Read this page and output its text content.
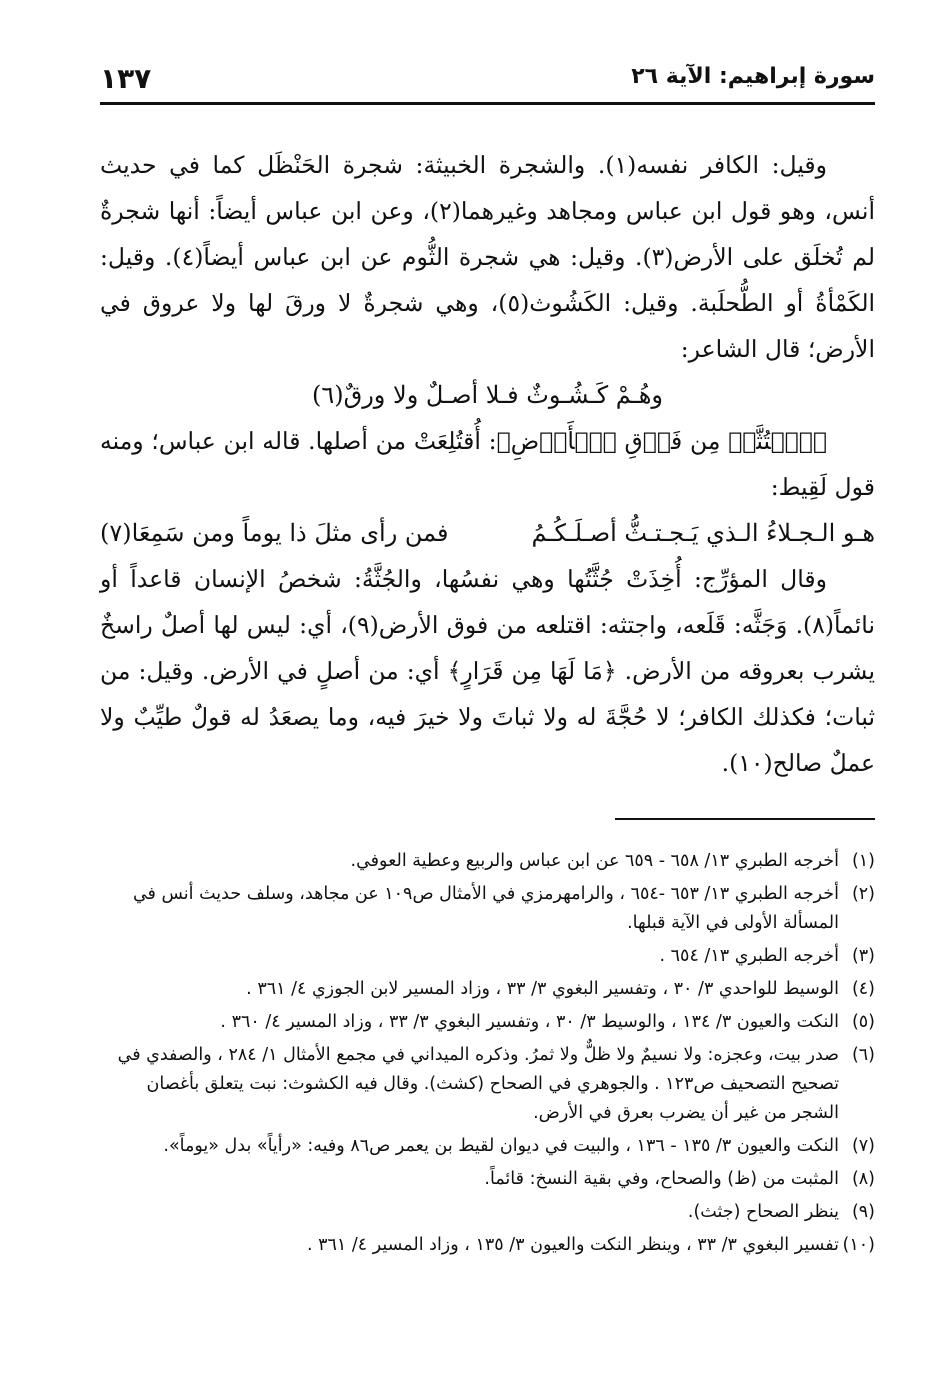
سورة إبراهيم: الآية ٢٦
١٣٧

وقيل: الكافر نفسه(١). والشجرة الخبيثة: شجرة الحَنْظَل كما في حديث أنس، وهو قول ابن عباس ومجاهد وغيرهما(٢)، وعن ابن عباس أيضاً: أنها شجرةٌ لم تُخلَق على الأرض(٣). وقيل: هي شجرة الثُّوم عن ابن عباس أيضاً(٤). وقيل: الكَمْأةُ أو الطُّحلَبة. وقيل: الكَشُوث(٥)، وهي شجرةٌ لا ورقَ لها ولا عروق في الأرض؛ قال الشاعر:

وهُـمْ كَـشُـوثٌ فـلا أصـلٌ ولا ورقٌ(٦)

﴿ٱجۡتُثَّتۡ مِن فَوۡقِ ٱلۡأَرۡضِ﴾: أُقتُلِعَتْ من أصلها. قاله ابن عباس؛ ومنه قول لَقِيط:

هـو الـجـلاءُ الـذي يَـجـتـثُّ أصـلَـكُـمُ
فمن رأى مثلَ ذا يوماً ومن سَمِعَا(٧)

وقال المؤرِّج: أُخِذَتْ جُثَّتُها وهي نفسُها، والجُثَّةُ: شخصُ الإنسان قاعداً أو نائماً(٨). وَجَثَّه: قَلَعه، واجتثه: اقتلعه من فوق الأرض(٩)، أي: ليس لها أصلٌ راسخٌ يشرب بعروقه من الأرض. ﴿مَا لَهَا مِن قَرَارٍ﴾ أي: من أصلٍ في الأرض. وقيل: من ثبات؛ فكذلك الكافر؛ لا حُجَّةَ له ولا ثباتَ ولا خيرَ فيه، وما يصعَدُ له قولٌ طيِّبٌ ولا عملٌ صالح(١٠).

(١)
أخرجه الطبري ١٣/ ٦٥٨ - ٦٥٩ عن ابن عباس والربيع وعطية العوفي.
(٢)
أخرجه الطبري ١٣/ ٦٥٣ -٦٥٤ ، والرامهرمزي في الأمثال ص١٠٩ عن مجاهد، وسلف حديث أنس في المسألة الأولى في الآية قبلها.
(٣)
أخرجه الطبري ١٣/ ٦٥٤ .
(٤)
الوسيط للواحدي ٣/ ٣٠ ، وتفسير البغوي ٣/ ٣٣ ، وزاد المسير لابن الجوزي ٤/ ٣٦١ .
(٥)
النكت والعيون ٣/ ١٣٤ ، والوسيط ٣/ ٣٠ ، وتفسير البغوي ٣/ ٣٣ ، وزاد المسير ٤/ ٣٦٠ .
(٦)
صدر بيت، وعجزه: ولا نسيمٌ ولا ظلٌّ ولا ثمرُ. وذكره الميداني في مجمع الأمثال ١/ ٢٨٤ ، والصفدي في تصحيح التصحيف ص١٢٣ . والجوهري في الصحاح (كشث). وقال فيه الكشوث: نبت يتعلق بأغصان الشجر من غير أن يضرب بعرق في الأرض.
(٧)
النكت والعيون ٣/ ١٣٥ - ١٣٦ ، والبيت في ديوان لقيط بن يعمر ص٨٦ وفيه: «رأياً» بدل «يوماً».
(٨)
المثبت من (ظ) والصحاح، وفي بقية النسخ: قائماً.
(٩)
ينظر الصحاح (جثث).
(١٠)
تفسير البغوي ٣/ ٣٣ ، وينظر النكت والعيون ٣/ ١٣٥ ، وزاد المسير ٤/ ٣٦١ .
